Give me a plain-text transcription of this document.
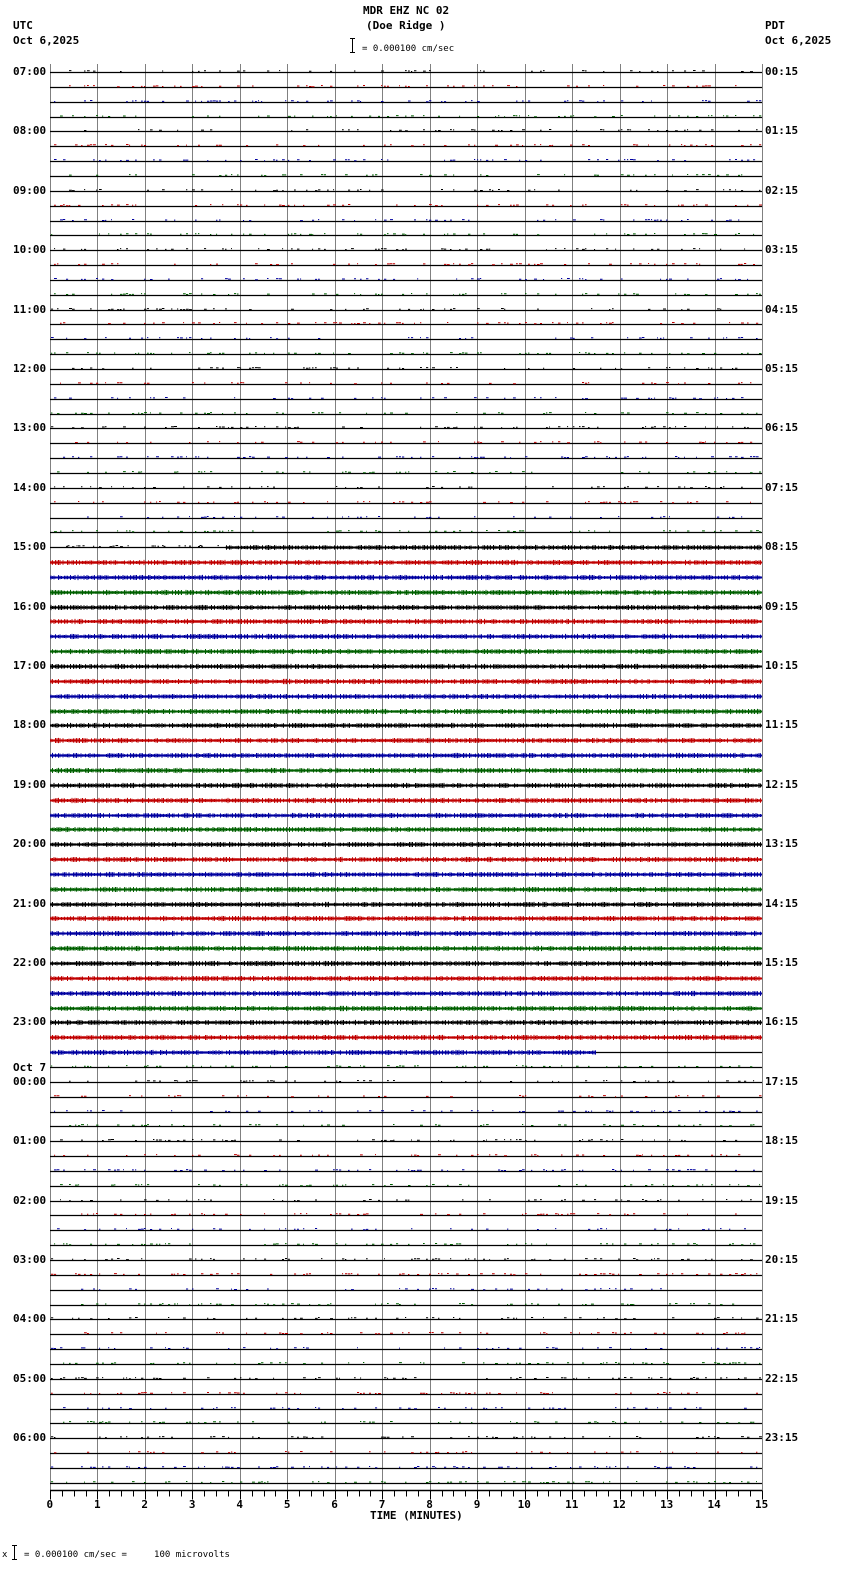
MDR EHZ NC 02
(Doe Ridge )
UTC
Oct 6,2025
PDT
Oct 6,2025
= 0.000100 cm/sec
07:00
08:00
09:00
10:00
11:00
12:00
13:00
14:00
15:00
16:00
17:00
18:00
19:00
20:00
21:00
22:00
23:00
00:00
Oct 7
01:00
02:00
03:00
04:00
05:00
06:00
00:15
01:15
02:15
03:15
04:15
05:15
06:15
07:15
08:15
09:15
10:15
11:15
12:15
13:15
14:15
15:15
16:15
17:15
18:15
19:15
20:15
21:15
22:15
23:15
0	1	2	3	4	5	6	7	8	9	10	11	12	13	14	15
TIME (MINUTES)
x = 0.000100 cm/sec =     100 microvolts
